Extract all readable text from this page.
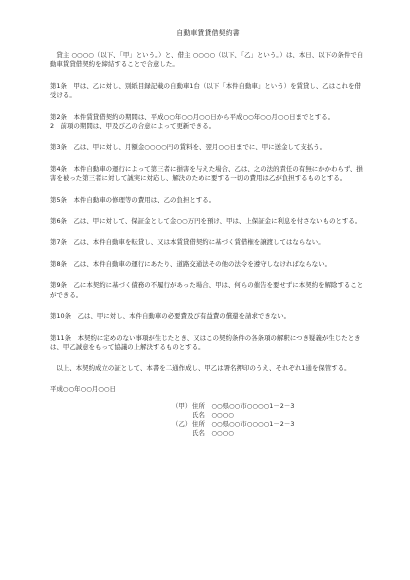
自動車賃貸借契約書
貸主 ○○○○（以下、「甲」という。）と、借主 ○○○○（以下、「乙」という。）は、本日、以下の条件で自動車賃貸借契約を締結することで合意した。
第1条　 甲は、乙に対し、別紙目録記載の自動車1台（以下「本件自動車」という）を賃貸し、乙はこれを借受ける。
第2条　 本件賃貸借契約の期間は、平成○○年○○月○○日から平成○○年○○月○○日までとする。
2　前項の期間は、甲及び乙の合意によって更新できる。
第3条　 乙は、甲に対し、月額金○○○○円の賃料を、翌月○○日までに、甲に送金して支払う。
第4条　 本件自動車の運行によって第三者に損害を与えた場合、乙は、之の法的責任の有無にかかわらず、損害を被った第三者に対して誠実に対応し、解決のために要する一切の費用は乙が負担するものとする。
第5条　 本件自動車の修理等の費用は、乙の負担とする。
第6条　 乙は、甲に対して、保証金として金○○万円を預け、甲は、上保証金に利息を付さないものとする。
第7条　 乙は、本件自動車を転貸し、又は本賃貸借契約に基づく賃借権を譲渡してはならない。
第8条　 乙は、本件自動車の運行にあたり、道路交通法その他の法令を遵守しなければならない。
第9条　 乙に本契約に基づく債務の不履行があった場合、甲は、何らの催告を要せずに本契約を解除することができる。
第10条　 乙は、甲に対し、本件自動車の必要費及び有益費の償還を請求できない。
第11条　 本契約に定めのない事項が生じたとき、又はこの契約条件の各条項の解釈につき疑義が生じたときは、甲乙誠意をもって協議の上解決するものとする。
以上、本契約成立の証として、本書を二通作成し、甲乙は署名押印のうえ、それぞれ1通を保管する。
平成○○年○○月○○日
（甲）住所　○○県○○市○○○○1－2－3
氏名　○○○○
（乙）住所　○○県○○市○○○○1－2－3
氏名　○○○○
